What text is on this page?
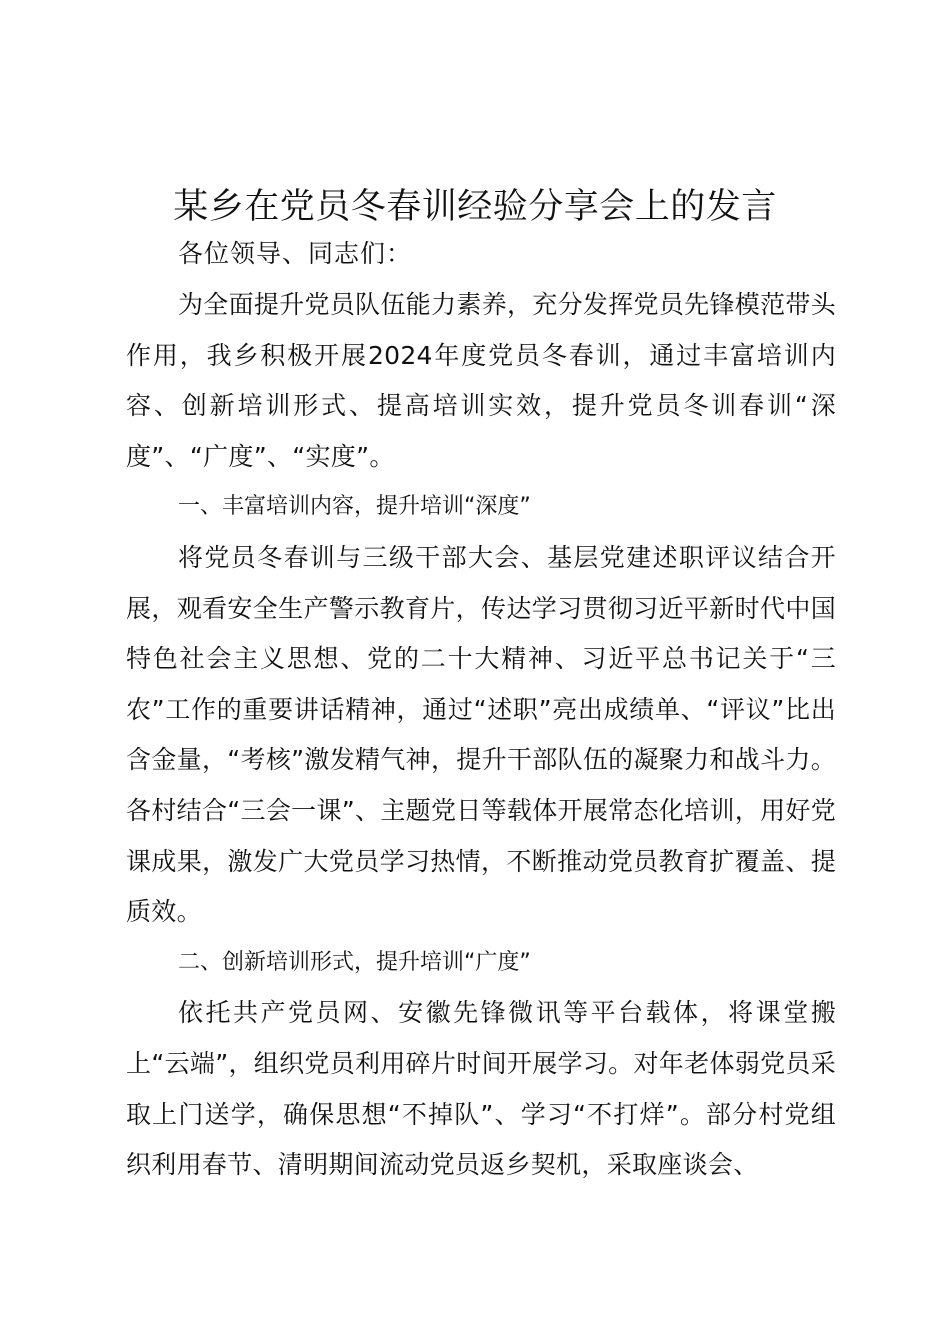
某乡在党员冬春训经验分享会上的发言
各位领导、同志们：

为全面提升党员队伍能力素养，充分发挥党员先锋模范带头作用，我乡积极开展2024年度党员冬春训，通过丰富培训内容、创新培训形式、提高培训实效，提升党员冬训春训“深度”、“广度”、“实度”。

一、丰富培训内容，提升培训“深度”

将党员冬春训与三级干部大会、基层党建述职评议结合开展，观看安全生产警示教育片，传达学习贯彻习近平新时代中国特色社会主义思想、党的二十大精神、习近平总书记关于“三农”工作的重要讲话精神，通过“述职”亮出成绩单、“评议”比出含金量，“考核”激发精气神，提升干部队伍的凝聚力和战斗力。各村结合“三会一课”、主题党日等载体开展常态化培训，用好党课成果，激发广大党员学习热情，不断推动党员教育扩覆盖、提质效。

二、创新培训形式，提升培训“广度”

依托共产党员网、安徽先锋微讯等平台载体，将课堂搬上“云端”，组织党员利用碎片时间开展学习。对年老体弱党员采取上门送学，确保思想“不掉队”、学习“不打烊”。部分村党组织利用春节、清明期间流动党员返乡契机，采取座谈会、
